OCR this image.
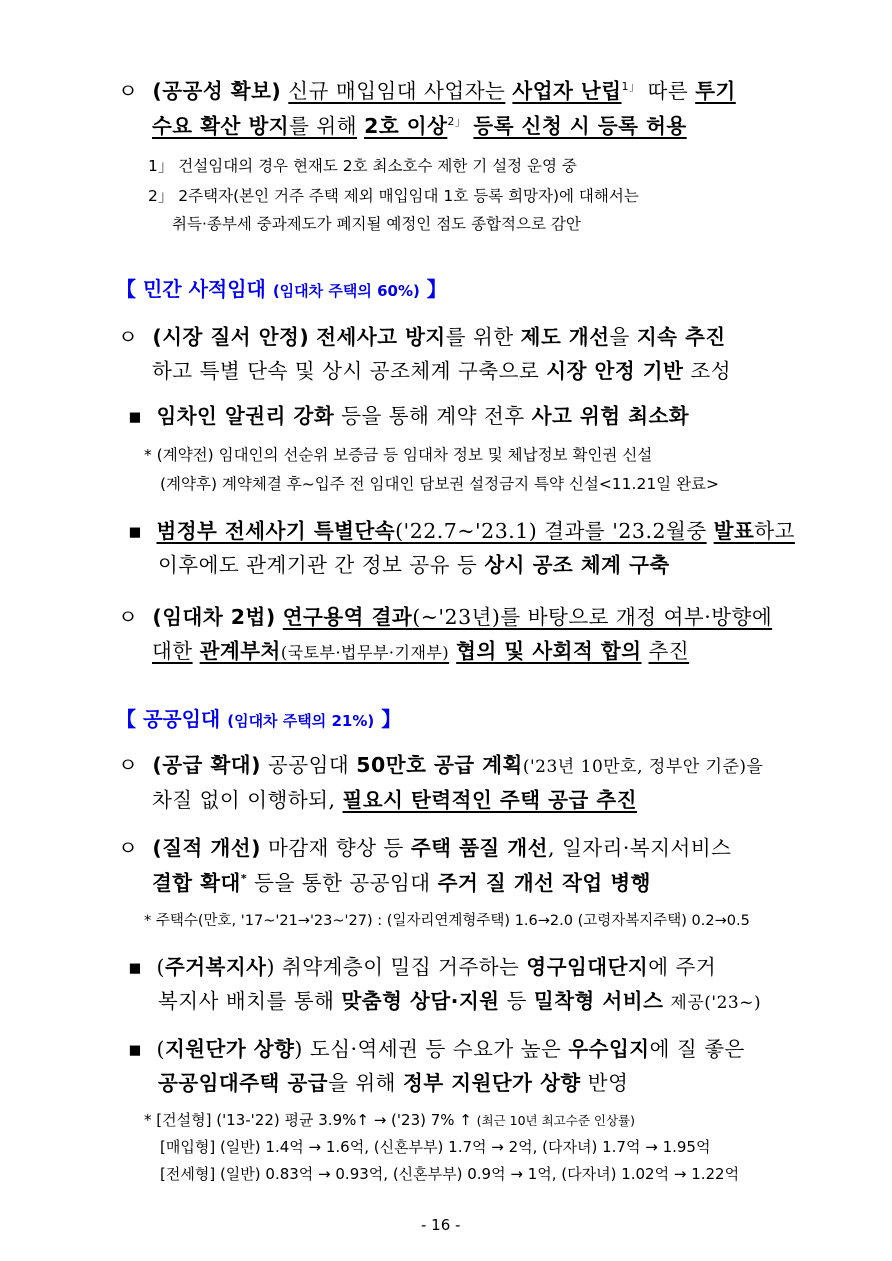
ㅇ (공공성 확보) 신규 매입임대 사업자는 사업자 난립$^{1」}$ 따른 투기
수요 확산 방지를 위해 2호 이상$^{2」}$ 등록 신청 시 등록 허용
1」 건설임대의 경우 현재도 2호 최소호수 제한 기 설정 운영 중
2」 2주택자(본인 거주 주택 제외 매입임대 1호 등록 희망자)에 대해서는
취득·종부세 중과제도가 폐지될 예정인 점도 종합적으로 감안
【 민간 사적임대 (임대차 주택의 60%) 】
ㅇ (시장 질서 안정) 전세사고 방지를 위한 제도 개선을 지속 추진
하고 특별 단속 및 상시 공조체계 구축으로 시장 안정 기반 조성
▪ 임차인 알권리 강화 등을 통해 계약 전후 사고 위험 최소화
* (계약전) 임대인의 선순위 보증금 등 임대차 정보 및 체납정보 확인권 신설
(계약후) 계약체결 후~입주 전 임대인 담보권 설정금지 특약 신설<11.21일 완료>
▪ 범정부 전세사기 특별단속('22.7~'23.1) 결과를 '23.2월중 발표하고
이후에도 관계기관 간 정보 공유 등 상시 공조 체계 구축
ㅇ (임대차 2법) 연구용역 결과(~'23년)를 바탕으로 개정 여부·방향에
대한 관계부처(국토부·법무부·기재부) 협의 및 사회적 합의 추진
【 공공임대 (임대차 주택의 21%) 】
ㅇ (공급 확대) 공공임대 50만호 공급 계획('23년 10만호, 정부안 기준)을
차질 없이 이행하되, 필요시 탄력적인 주택 공급 추진
ㅇ (질적 개선) 마감재 향상 등 주택 품질 개선, 일자리·복지서비스
결합 확대* 등을 통한 공공임대 주거 질 개선 작업 병행
* 주택수(만호, '17~'21→'23~'27) : (일자리연계형주택) 1.6→2.0 (고령자복지주택) 0.2→0.5
▪ (주거복지사) 취약계층이 밀집 거주하는 영구임대단지에 주거
복지사 배치를 통해 맞춤형 상담·지원 등 밀착형 서비스 제공('23~)
▪ (지원단가 상향) 도심·역세권 등 수요가 높은 우수입지에 질 좋은
공공임대주택 공급을 위해 정부 지원단가 상향 반영
* [건설형] ('13-'22) 평균 3.9%↑ → ('23) 7% ↑ (최근 10년 최고수준 인상률)
[매입형] (일반) 1.4억 → 1.6억, (신혼부부) 1.7억 → 2억, (다자녀) 1.7억 → 1.95억
[전세형] (일반) 0.83억 → 0.93억, (신혼부부) 0.9억 → 1억, (다자녀) 1.02억 → 1.22억
- 16 -
